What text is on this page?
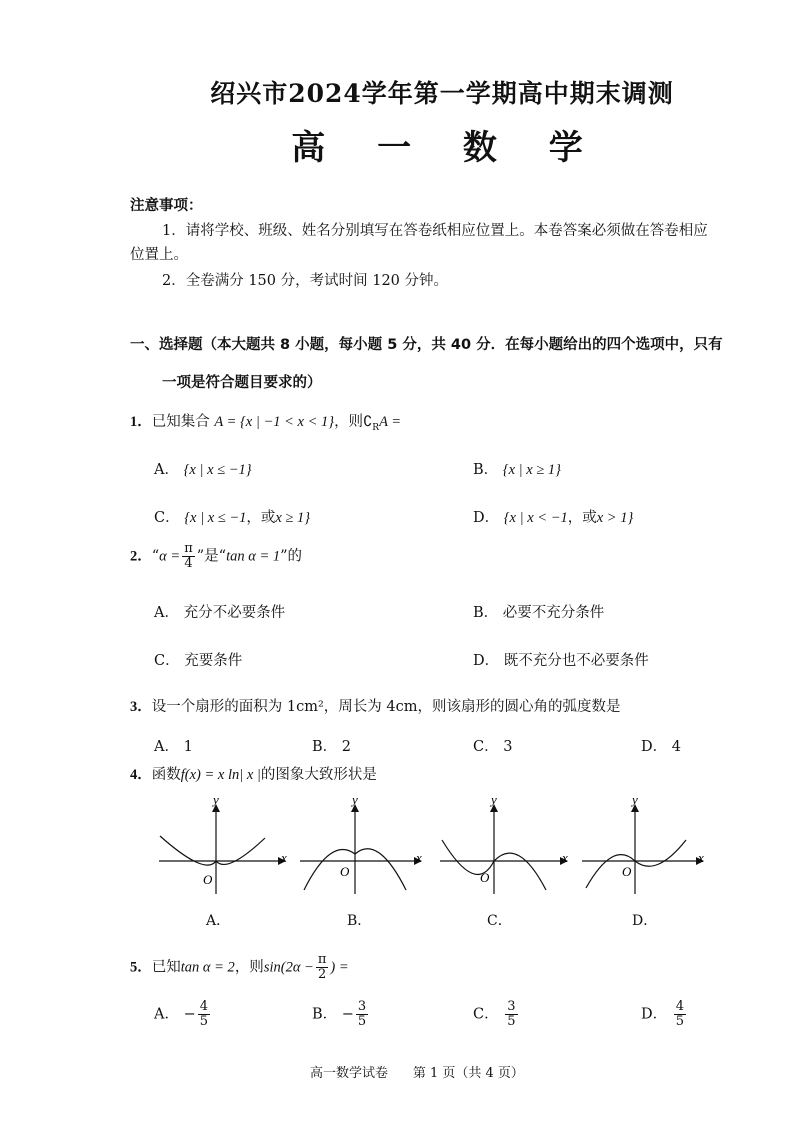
绍兴市2024学年第一学期高中期末调测
高 一 数 学
注意事项：
1．请将学校、班级、姓名分别填写在答卷纸相应位置上。本卷答案必须做在答卷相应
位置上。
2．全卷满分 150 分，考试时间 120 分钟。
一、选择题（本大题共 8 小题，每小题 5 分，共 40 分．在每小题给出的四个选项中，只有
一项是符合题目要求的）
1．已知集合 A = {x | −1 < x < 1}，则$∁_RA$ =
A． {x | x ≤ −1}	B． {x | x ≥ 1}
C． {x | x ≤ −1，或x ≥ 1}	D． {x | x < −1，或x > 1}
2．“$\alpha = \frac{\pi}{4}$ ”是“tan α = 1”的
A． 充分不必要条件	B． 必要不充分条件
C． 充要条件	D． 既不充分也不必要条件
3．设一个扇形的面积为 1cm²，周长为 4cm，则该扇形的圆心角的弧度数是
A． 1	B． 2	C． 3	D． 4
4．函数f(x) = x ln| x |的图象大致形状是
x
y
O
x
y
O
x
y
O
x
y
O
A．	B．	C．	D．
5．已知tan α = 2，则$\sin(2\alpha - \frac{\pi}{2}$ ) =
A． − $\frac{4}{5}$	B． − $\frac{3}{5}$	C． $\frac{3}{5}$	D． $\frac{4}{5}$
高一数学试卷 第 1 页（共 4 页）
